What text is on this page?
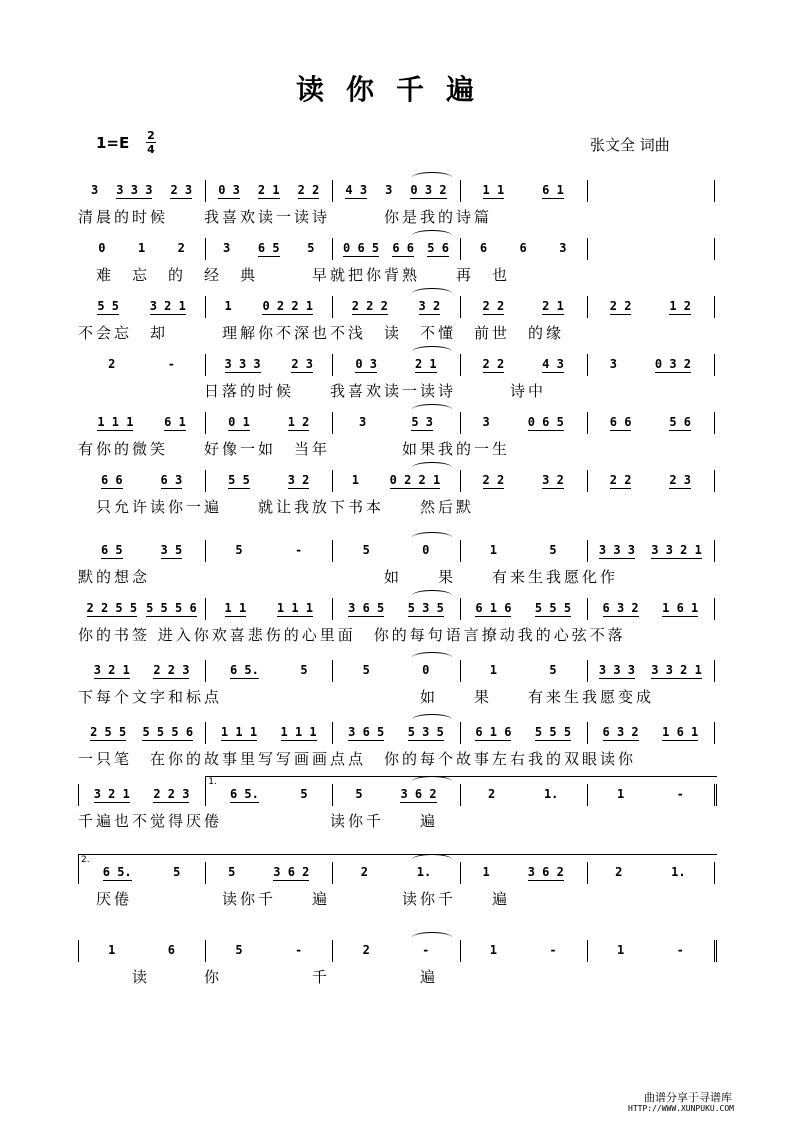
读你千遍
1=E 2
4	张文全 词曲
3 3 3 3 2 3 0 3 2 1 2 2 4 3 3 0 3 2	1 1	6 1
清晨的时候　　我喜欢读一读诗　　　你是我的诗篇
0	1	2	3 6 5 5 0 6 5 6 6 5 6	6	6	3
　难　忘　的　经　典　　　早就把你背熟　　再　也
5 5	3 2 1	1	0 2 2 1	2 2 2	3 2	2 2	2 1	2 2	1 2
不会忘　却　　　理解你不深也不浅　读　不懂　前世　的缘
2	-	3 3 3	2 3	0 3	2 1	2 2	4 3	3	0 3 2
　　　　　　　日落的时候　　我喜欢读一读诗　　　诗中
1 1 1	6 1	0 1	1 2	3	5 3	3	0 6 5	6 6	5 6
有你的微笑　　好像一如　当年　　　　如果我的一生
6 6	6 3	5 5	3 2	1	0 2 2 1	2 2	3 2	2 2	2 3
　只允许读你一遍　　就让我放下书本　　然后默
6 5	3 5	5	-	5	0	1	5	3 3 3 3 3 2 1
默的想念　　　　　　　　　　　　　如　　果　　有来生我愿化作
2 2 5 5 5 5 5 6 1 1	1 1 1	3 6 5 5 3 5	6 1 6 5 5 5	6 3 2 1 6 1
你的书签 进入你欢喜悲伤的心里面　你的每句语言撩动我的心弦不落
3 2 1 2 2 3	6 5.	5	5	0	1	5	3 3 3 3 3 2 1
下每个文字和标点　　　　　　　　　　　如　　果　　有来生我愿变成
2 5 5 5 5 5 6 1 1 1 1 1 1	3 6 5 5 3 5	6 1 6 5 5 5	6 3 2 1 6 1
一只笔　在你的故事里写写画画点点　你的每个故事左右我的双眼读你
3 2 1 2 2 3	6 5.	5	5	3 6 2	2	1.	1	-
千遍也不觉得厌倦　　　　　　读你千　　遍
1.
6 5.	5	5	3 6 2	2	1.	1	3 6 2	2	1.
　厌倦　　　　　读你千　　遍　　　　读你千　　遍
2.
1	6	5	-	2	-	1	-	1	-
　　　读　　　你　　　　　千　　　　　遍
曲谱分享于寻谱库
HTTP://WWW.XUNPUKU.COM
